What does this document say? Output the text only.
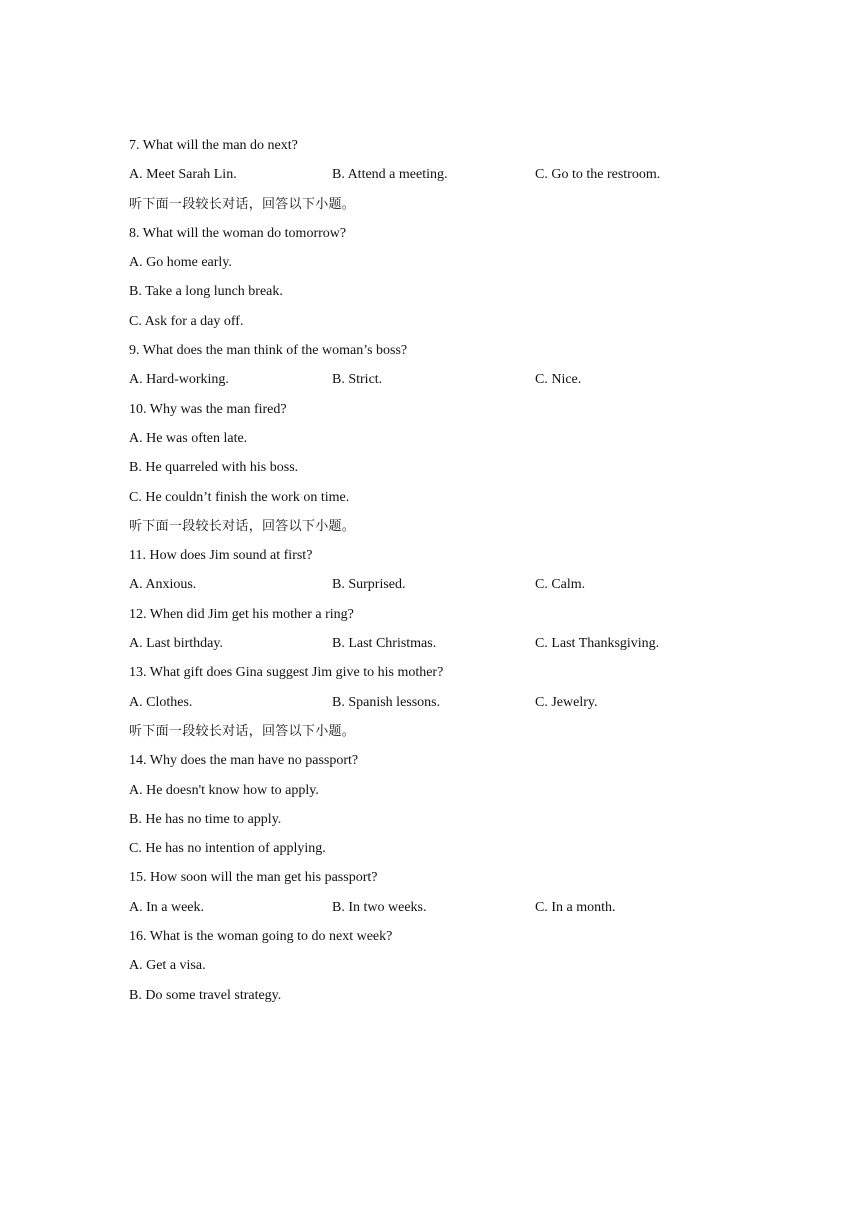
7. What will the man do next?
A. Meet Sarah Lin.	B. Attend a meeting.	C. Go to the restroom.
听下面一段较长对话，回答以下小题。
8. What will the woman do tomorrow?
A. Go home early.
B. Take a long lunch break.
C. Ask for a day off.
9. What does the man think of the woman’s boss?
A. Hard-working.	B. Strict.	C. Nice.
10. Why was the man fired?
A. He was often late.
B. He quarreled with his boss.
C. He couldn’t finish the work on time.
听下面一段较长对话，回答以下小题。
11. How does Jim sound at first?
A. Anxious.	B. Surprised.	C. Calm.
12. When did Jim get his mother a ring?
A. Last birthday.	B. Last Christmas.	C. Last Thanksgiving.
13. What gift does Gina suggest Jim give to his mother?
A. Clothes.	B. Spanish lessons.	C. Jewelry.
听下面一段较长对话，回答以下小题。
14. Why does the man have no passport?
A. He doesn't know how to apply.
B. He has no time to apply.
C. He has no intention of applying.
15. How soon will the man get his passport?
A. In a week.	B. In two weeks.	C. In a month.
16. What is the woman going to do next week?
A. Get a visa.
B. Do some travel strategy.
